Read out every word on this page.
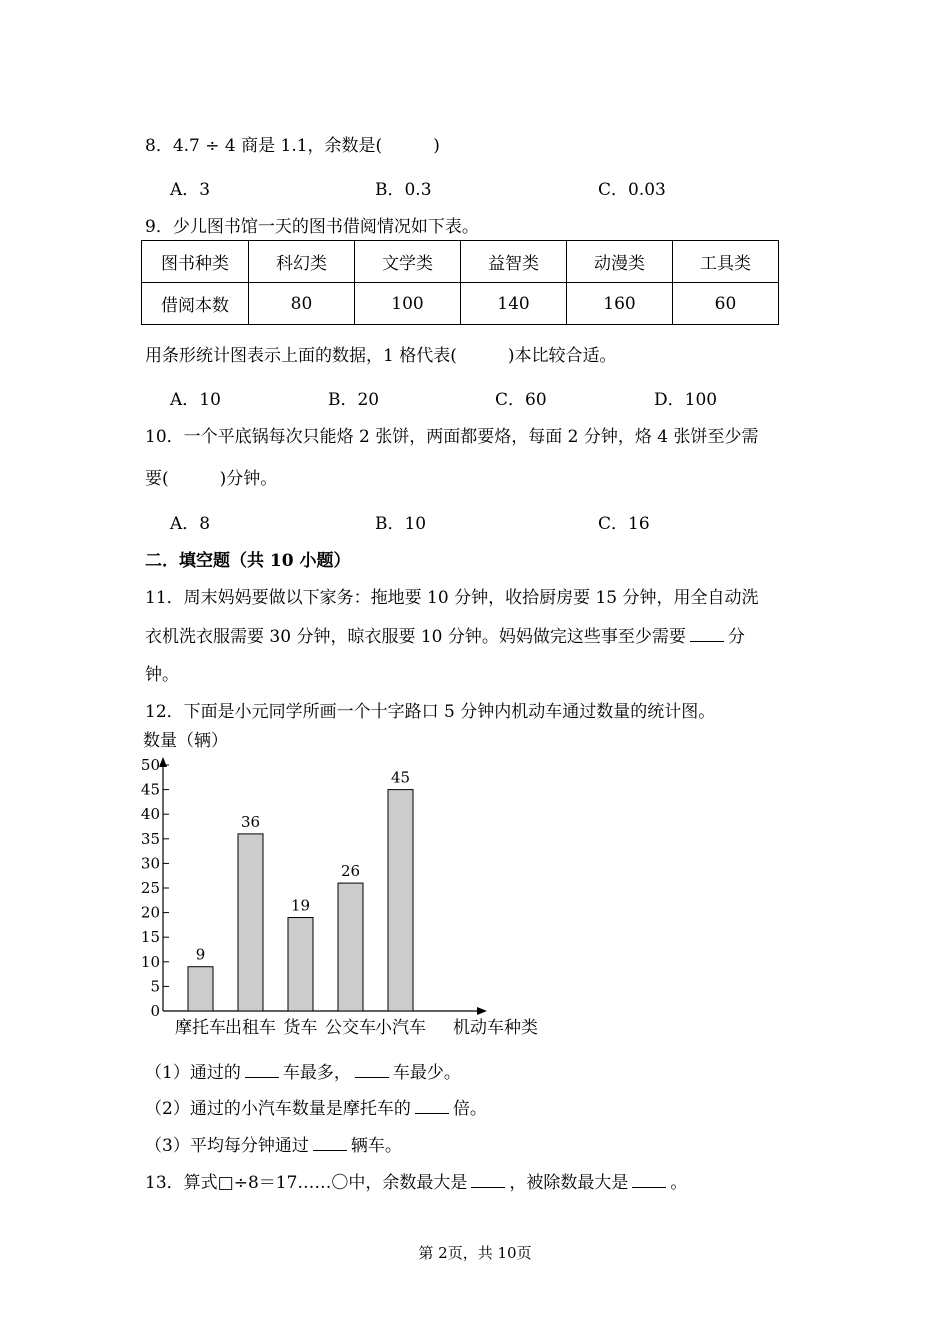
8．4.7 ÷ 4 商是 1.1，余数是(　　　)
A．3	B．0.3	C．0.03
9．少儿图书馆一天的图书借阅情况如下表。
图书种类	科幻类	文学类	益智类	动漫类	工具类
借阅本数	80	100	140	160	60
用条形统计图表示上面的数据，1 格代表(　　　)本比较合适。
A．10	B．20	C．60	D．100
10．一个平底锅每次只能烙 2 张饼，两面都要烙，每面 2 分钟，烙 4 张饼至少需
要(　　　)分钟。
A．8	B．10	C．16
二．填空题（共 10 小题）
11．周末妈妈要做以下家务：拖地要 10 分钟，收拾厨房要 15 分钟，用全自动洗
衣机洗衣服需要 30 分钟，晾衣服要 10 分钟。妈妈做完这些事至少需要 分
钟。
12．下面是小元同学所画一个十字路口 5 分钟内机动车通过数量的统计图。
数量（辆）
机动车种类
0
5
10
15
20
25
30
35
40
45
50
9
摩托车
36
出租车
19
货车
26
公交车
45
小汽车
（1）通过的 车最多， 车最少。
（2）通过的小汽车数量是摩托车的 倍。
（3）平均每分钟通过 辆车。
13．算式□÷8＝17……〇中，余数最大是 ，被除数最大是 。
第 2页，共 10页
